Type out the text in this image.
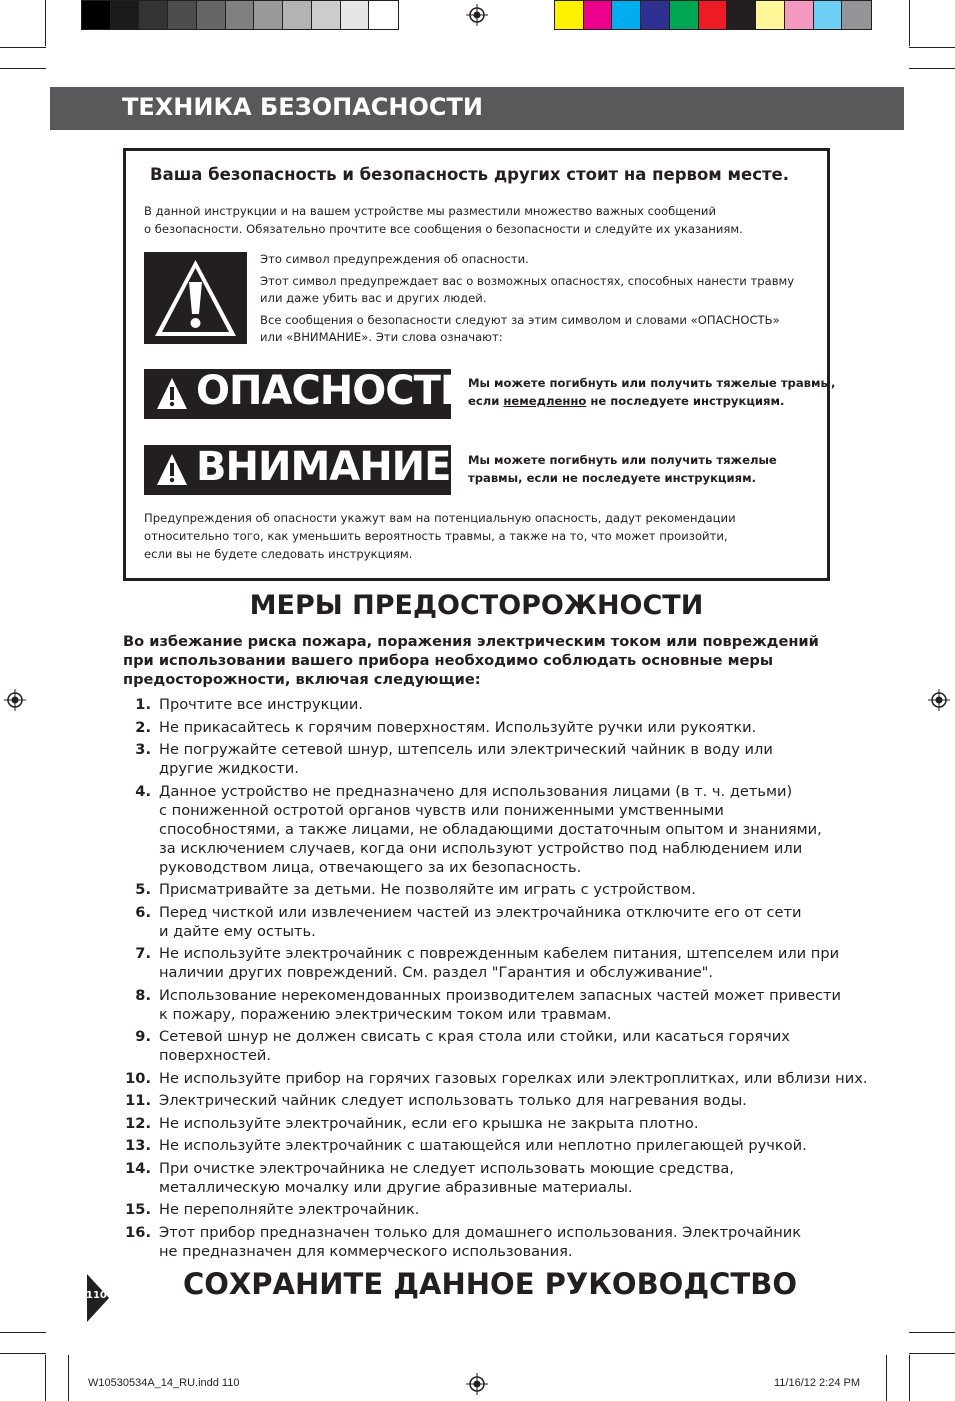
ТЕХНИКА БЕЗОПАСНОСТИ
Ваша безопасность и безопасность других стоит на первом месте.
В данной инструкции и на вашем устройстве мы разместили множество важных сообщений
о безопасности. Обязательно прочтите все сообщения о безопасности и следуйте их указаниям.

Это символ предупреждения об опасности.

Этот символ предупреждает вас о возможных опасностях, способных нанести травму

или даже убить вас и других людей.

Все сообщения о безопасности следуют за этим символом и словами «ОПАСНОСТЬ»

или «ВНИМАНИЕ». Эти слова означают:

ОПАСНОСТЬ
Мы можете погибнуть или получить тяжелые травмы,
если немедленно не последуете инструкциям.
ВНИМАНИЕ Мы можете погибнуть или получить тяжелые
травмы, если не последуете инструкциям.
Предупреждения об опасности укажут вам на потенциальную опасность, дадут рекомендации
относительно того, как уменьшить вероятность травмы, а также на то, что может произойти,
если вы не будете следовать инструкциям.
МЕРЫ ПРЕДОСТОРОЖНОСТИ
Во избежание риска пожара, поражения электрическим током или повреждений
при использовании вашего прибора необходимо соблюдать основные меры
предосторожности, включая следующие:
1. Прочтите все инструкции.
2. Не прикасайтесь к горячим поверхностям. Используйте ручки или рукоятки.
3. Не погружайте сетевой шнур, штепсель или электрический чайник в воду или
другие жидкости.
4. Данное устройство не предназначено для использования лицами (в т. ч. детьми)
с пониженной остротой органов чувств или пониженными умственными
способностями, а также лицами, не обладающими достаточным опытом и знаниями,
за исключением случаев, когда они используют устройство под наблюдением или
руководством лица, отвечающего за их безопасность.
5. Присматривайте за детьми. Не позволяйте им играть с устройством.
6. Перед чисткой или извлечением частей из электрочайника отключите его от сети
и дайте ему остыть.
7. Не используйте электрочайник с поврежденным кабелем питания, штепселем или при
наличии других повреждений. См. раздел "Гарантия и обслуживание".
8. Использование нерекомендованных производителем запасных частей может привести
к пожару, поражению электрическим током или травмам.
9. Сетевой шнур не должен свисать с края стола или стойки, или касаться горячих
поверхностей.
10. Не используйте прибор на горячих газовых горелках или электроплитках, или вблизи них.
11. Электрический чайник следует использовать только для нагревания воды.
12. Не используйте электрочайник, если его крышка не закрыта плотно.
13. Не используйте электрочайник с шатающейся или неплотно прилегающей ручкой.
14. При очистке электрочайника не следует использовать моющие средства,
металлическую мочалку или другие абразивные материалы.
15. Не переполняйте электрочайник.
16. Этот прибор предназначен только для домашнего использования. Электрочайник
не предназначен для коммерческого использования.
СОХРАНИТЕ ДАННОЕ РУКОВОДСТВО
110
W10530534A_14_RU.indd 110	11/16/12 2:24 PM
